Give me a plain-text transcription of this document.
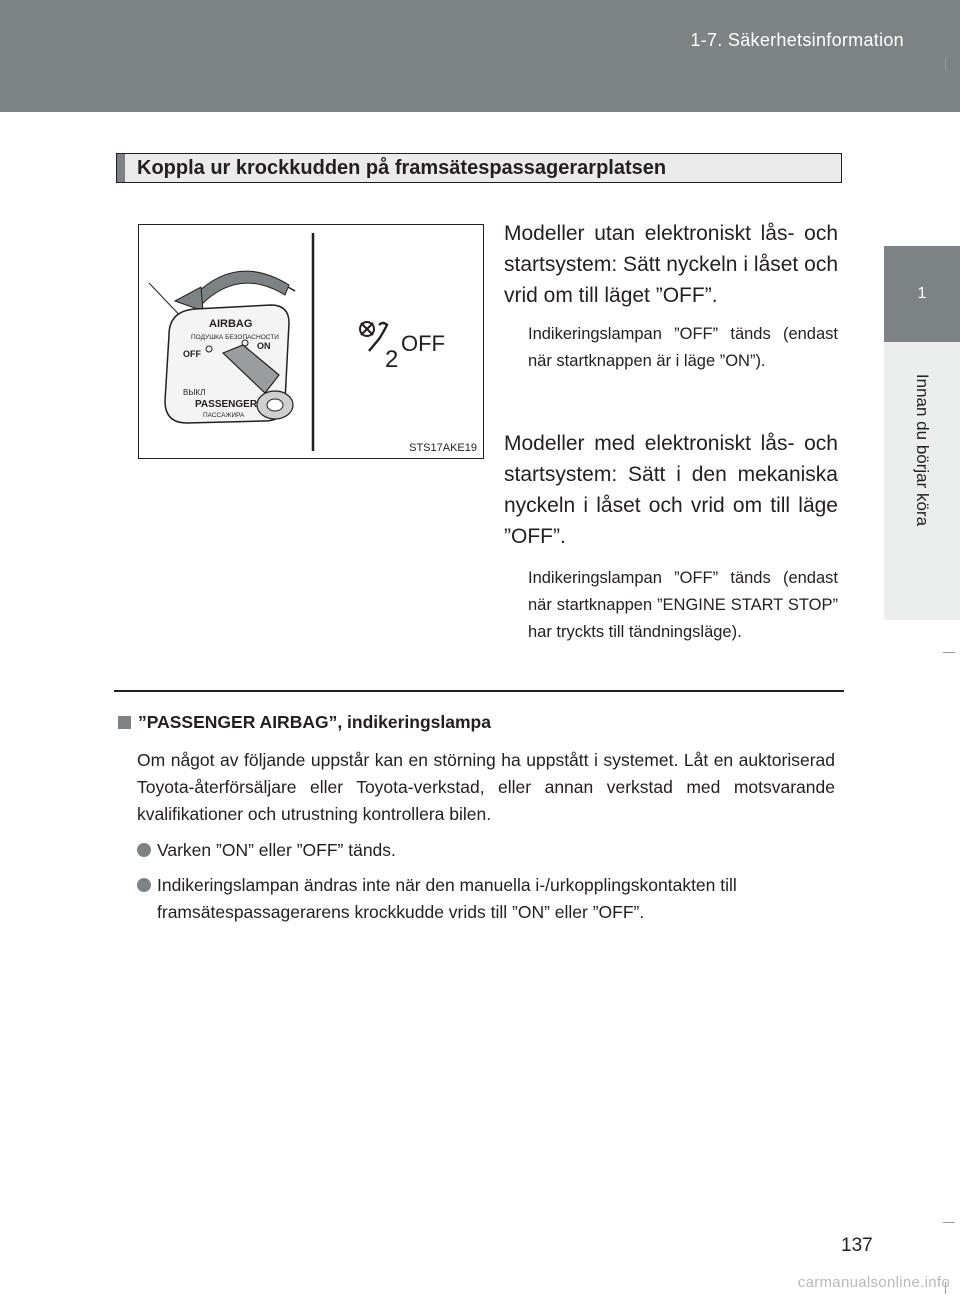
1-7. Säkerhetsinformation
1
Innan du börjar köra
Koppla ur krockkudden på framsätespassagerarplatsen
AIRBAG
ПОДУШКА БЕЗОПАСНОСТИ
OFF
ON
ВЫКЛ
PASSENGER
ПАССАЖИРА
2
OFF
STS17AKE19

Modeller utan elektroniskt lås- och startsystem: Sätt nyckeln i låset och vrid om till läget ”OFF”.

Indikeringslampan ”OFF” tänds (endast när startknappen är i läge ”ON”).

Modeller med elektroniskt lås- och startsystem: Sätt i den mekaniska nyckeln i låset och vrid om till läge ”OFF”.

Indikeringslampan ”OFF” tänds (endast när startknappen ”ENGINE START STOP” har tryckts till tändningsläge).

”PASSENGER AIRBAG”, indikeringslampa

Om något av följande uppstår kan en störning ha uppstått i systemet. Låt en auktoriserad Toyota-återförsäljare eller Toyota-verkstad, eller annan verkstad med motsvarande kvalifikationer och utrustning kontrollera bilen.

Varken ”ON” eller ”OFF” tänds.
Indikeringslampan ändras inte när den manuella i-/urkopplingskontakten till framsätespassagerarens krockkudde vrids till ”ON” eller ”OFF”.
137
carmanualsonline.info
